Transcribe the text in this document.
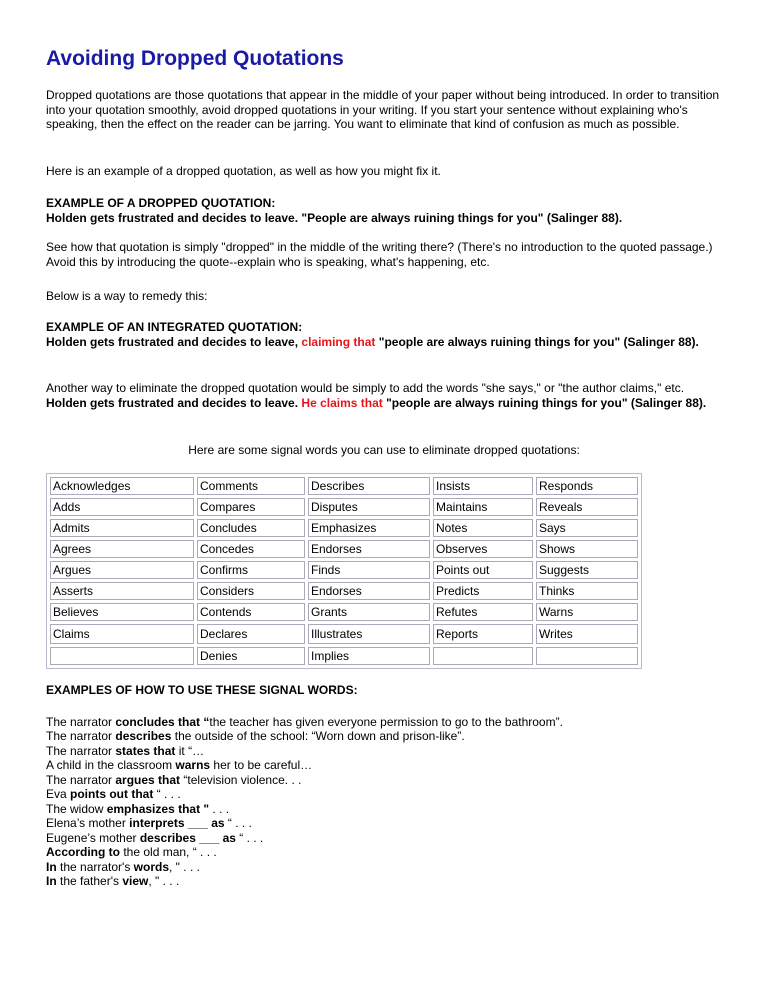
Avoiding Dropped Quotations

Dropped quotations are those quotations that appear in the middle of your paper without being introduced. In order to transition into your quotation smoothly, avoid dropped quotations in your writing. If you start your sentence without explaining who's speaking, then the effect on the reader can be jarring. You want to eliminate that kind of confusion as much as possible.

Here is an example of a dropped quotation, as well as how you might fix it.

EXAMPLE OF A DROPPED QUOTATION:
Holden gets frustrated and decides to leave. "People are always ruining things for you" (Salinger 88).

See how that quotation is simply "dropped" in the middle of the writing there? (There's no introduction to the quoted passage.) Avoid this by introducing the quote--explain who is speaking, what's happening, etc.

Below is a way to remedy this:

EXAMPLE OF AN INTEGRATED QUOTATION:
Holden gets frustrated and decides to leave, claiming that "people are always ruining things for you" (Salinger 88).
Another way to eliminate the dropped quotation would be simply to add the words "she says," or "the author claims," etc.
Holden gets frustrated and decides to leave. He claims that "people are always ruining things for you" (Salinger 88).

Here are some signal words you can use to eliminate dropped quotations:

EXAMPLES OF HOW TO USE THESE SIGNAL WORDS:
The narrator concludes that “the teacher has given everyone permission to go to the bathroom”.
The narrator describes the outside of the school: “Worn down and prison-like”.
The narrator states that it “…
A child in the classroom warns her to be careful…
The narrator argues that “television violence. . .
Eva points out that “ . . .
The widow emphasizes that " . . .
Elena’s mother interprets ___ as “ . . .
Eugene’s mother describes ___ as “ . . .
According to the old man, “ . . .
In the narrator's words, " . . .
In the father's view, " . . .
Acknowledges	Comments	Describes	Insists	Responds
Adds	Compares	Disputes	Maintains	Reveals
Admits	Concludes	Emphasizes	Notes	Says
Agrees	Concedes	Endorses	Observes	Shows
Argues	Confirms	Finds	Points out	Suggests
Asserts	Considers	Endorses	Predicts	Thinks
Believes	Contends	Grants	Refutes	Warns
Claims	Declares	Illustrates	Reports	Writes
	Denies	Implies		
